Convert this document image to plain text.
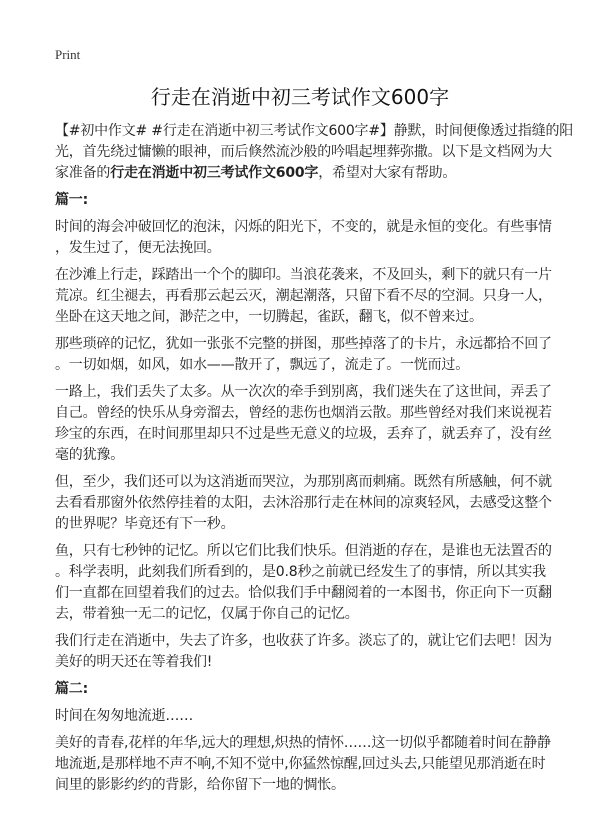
Print
行走在消逝中初三考试作文600字
【#初中作文# #行走在消逝中初三考试作文600字#】静默，时间便像透过指缝的阳
光，首先绕过慵懒的眼神，而后倏然流沙般的吟唱起埋葬弥撒。以下是文档网为大
家准备的行走在消逝中初三考试作文600字，希望对大家有帮助。
篇一:
时间的海会冲破回忆的泡沫，闪烁的阳光下，不变的，就是永恒的变化。有些事情
，发生过了，便无法挽回。
在沙滩上行走，踩踏出一个个的脚印。当浪花袭来，不及回头，剩下的就只有一片
荒凉。红尘褪去，再看那云起云灭，潮起潮落，只留下看不尽的空洞。只身一人，
坐卧在这天地之间，渺茫之中，一切腾起，雀跃，翻飞，似不曾来过。
那些琐碎的记忆，犹如一张张不完整的拼图，那些掉落了的卡片，永远都拾不回了
。一切如烟，如风，如水——散开了，飘远了，流走了。一恍而过。
一路上，我们丢失了太多。从一次次的牵手到别离，我们迷失在了这世间，弄丢了
自己。曾经的快乐从身旁溜去，曾经的悲伤也烟消云散。那些曾经对我们来说视若
珍宝的东西，在时间那里却只不过是些无意义的垃圾，丢弃了，就丢弃了，没有丝
毫的犹豫。
但，至少，我们还可以为这消逝而哭泣，为那别离而刺痛。既然有所感触，何不就
去看看那窗外依然停挂着的太阳，去沐浴那行走在林间的凉爽轻风，去感受这整个
的世界呢？毕竟还有下一秒。
鱼，只有七秒钟的记忆。所以它们比我们快乐。但消逝的存在，是谁也无法置否的
。科学表明，此刻我们所看到的，是0.8秒之前就已经发生了的事情，所以其实我
们一直都在回望着我们的过去。恰似我们手中翻阅着的一本图书，你正向下一页翻
去，带着独一无二的记忆，仅属于你自己的记忆。
我们行走在消逝中，失去了许多，也收获了许多。淡忘了的，就让它们去吧！因为
美好的明天还在等着我们!
篇二:
时间在匆匆地流逝……
美好的青春,花样的年华,远大的理想,炽热的情怀……这一切似乎都随着时间在静静
地流逝,是那样地不声不响,不知不觉中,你猛然惊醒,回过头去,只能望见那消逝在时
间里的影影约约的背影，给你留下一地的惆怅。
